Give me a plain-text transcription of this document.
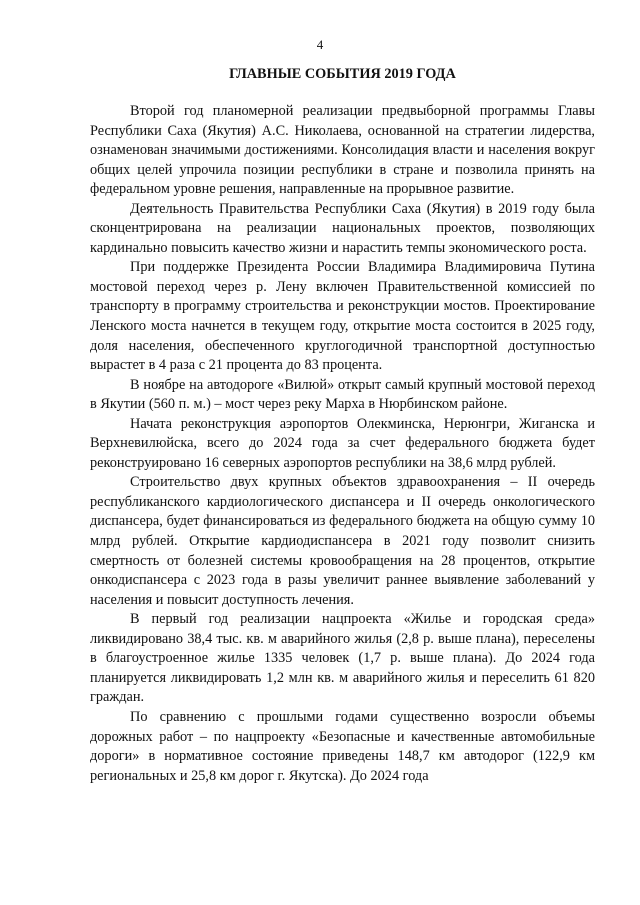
4
ГЛАВНЫЕ СОБЫТИЯ 2019 ГОДА

Второй год планомерной реализации предвыборной программы Главы Республики Саха (Якутия) А.С. Николаева, основанной на стратегии лидерства, ознаменован значимыми достижениями. Консолидация власти и населения вокруг общих целей упрочила позиции республики в стране и позволила принять на федеральном уровне решения, направленные на прорывное развитие.

Деятельность Правительства Республики Саха (Якутия) в 2019 году была сконцентрирована на реализации национальных проектов, позволяющих кардинально повысить качество жизни и нарастить темпы экономического роста.

При поддержке Президента России Владимира Владимировича Путина мостовой переход через р. Лену включен Правительственной комиссией по транспорту в программу строительства и реконструкции мостов. Проектирование Ленского моста начнется в текущем году, открытие моста состоится в 2025 году, доля населения, обеспеченного круглогодичной транспортной доступностью вырастет в 4 раза с 21 процента до 83 процента.

В ноябре на автодороге «Вилюй» открыт самый крупный мостовой переход в Якутии (560 п. м.) – мост через реку Марха в Нюрбинском районе.

Начата реконструкция аэропортов Олекминска, Нерюнгри, Жиганска и Верхневилюйска, всего до 2024 года за счет федерального бюджета будет реконструировано 16 северных аэропортов республики на 38,6 млрд рублей.

Строительство двух крупных объектов здравоохранения – II очередь республиканского кардиологического диспансера и II очередь онкологического диспансера, будет финансироваться из федерального бюджета на общую сумму 10 млрд рублей. Открытие кардиодиспансера в 2021 году позволит снизить смертность от болезней системы кровообращения на 28 процентов, открытие онкодиспансера с 2023 года в разы увеличит раннее выявление заболеваний у населения и повысит доступность лечения.

В первый год реализации нацпроекта «Жилье и городская среда» ликвидировано 38,4 тыс. кв. м аварийного жилья (2,8 р. выше плана), переселены в благоустроенное жилье 1335 человек (1,7 р. выше плана). До 2024 года планируется ликвидировать 1,2 млн кв. м аварийного жилья и переселить 61 820 граждан.

По сравнению с прошлыми годами существенно возросли объемы дорожных работ – по нацпроекту «Безопасные и качественные автомобильные дороги» в нормативное состояние приведены 148,7 км автодорог (122,9 км региональных и 25,8 км дорог г. Якутска). До 2024 года
